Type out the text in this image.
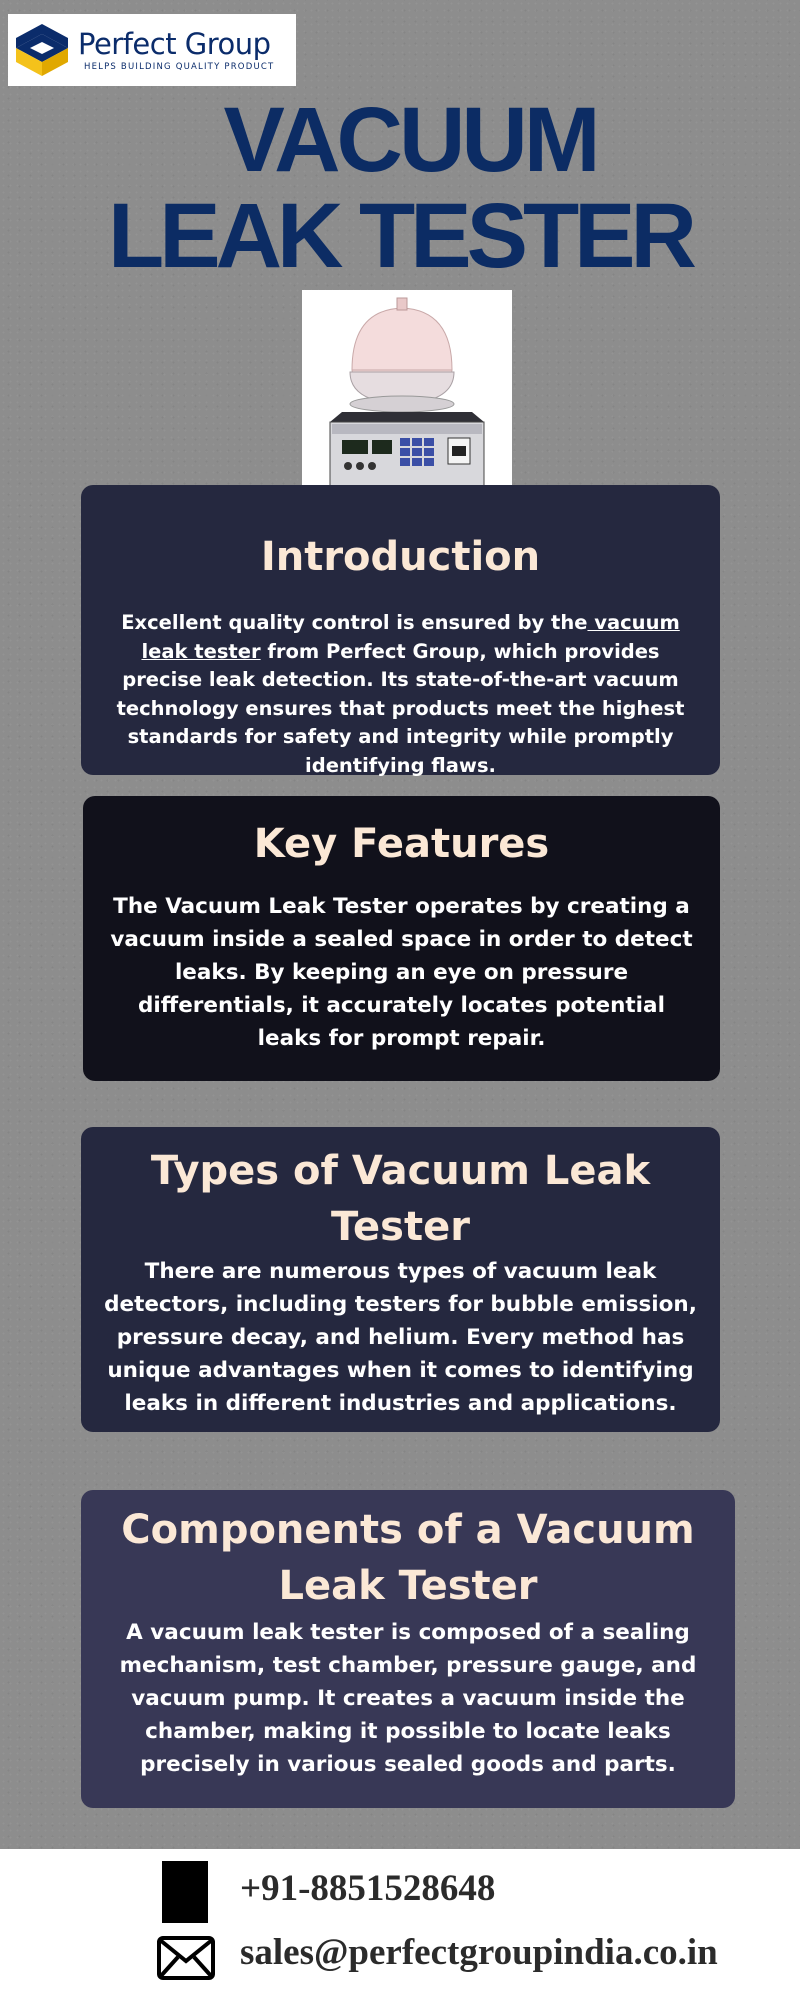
Perfect Group
HELPS BUILDING QUALITY PRODUCT
VACUUM
LEAK TESTER
Introduction

Excellent quality control is ensured by the vacuum leak tester from Perfect Group, which provides precise leak detection. Its state-of-the-art vacuum technology ensures that products meet the highest standards for safety and integrity while promptly identifying flaws.

Key Features

The Vacuum Leak Tester operates by creating a vacuum inside a sealed space in order to detect leaks. By keeping an eye on pressure differentials, it accurately locates potential leaks for prompt repair.

Types of Vacuum Leak Tester

There are numerous types of vacuum leak detectors, including testers for bubble emission, pressure decay, and helium. Every method has unique advantages when it comes to identifying leaks in different industries and applications.

Components of a Vacuum Leak Tester

A vacuum leak tester is composed of a sealing mechanism, test chamber, pressure gauge, and vacuum pump. It creates a vacuum inside the chamber, making it possible to locate leaks precisely in various sealed goods and parts.

+91-8851528648
sales@perfectgroupindia.co.in
